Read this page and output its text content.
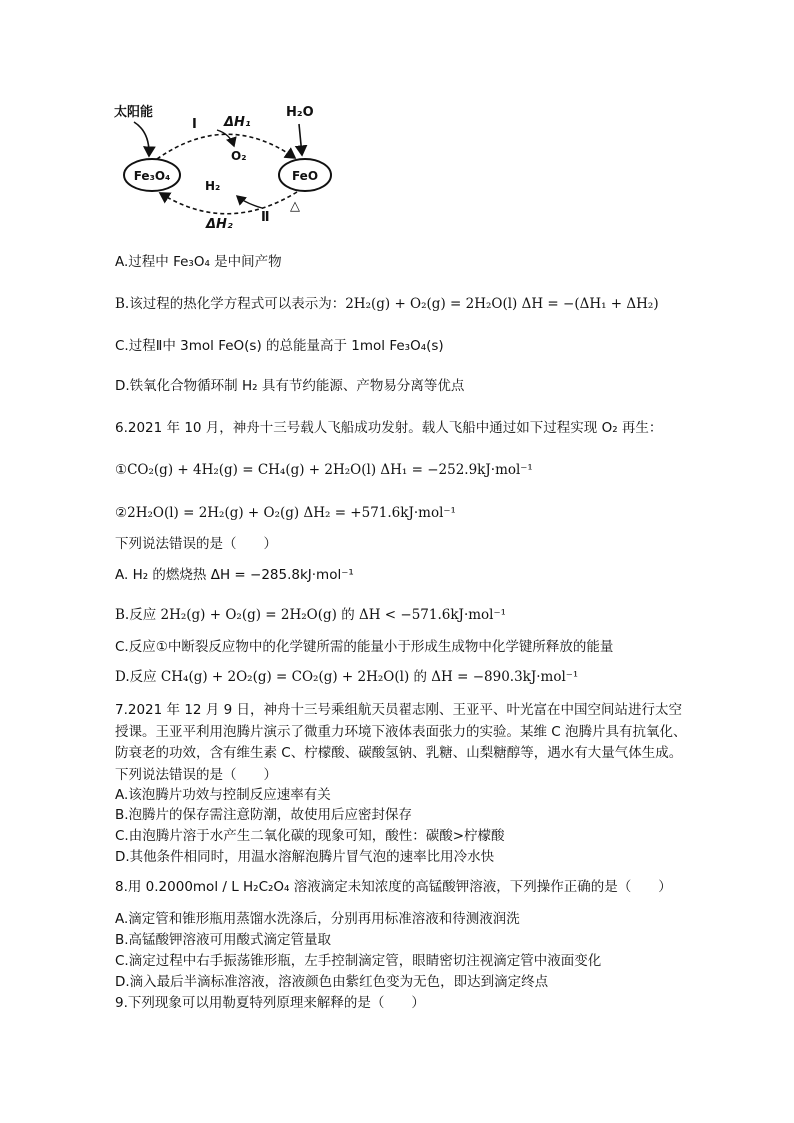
Fe₃O₄	FeO
太阳能
Ⅰ ΔH₁
O₂
H₂O
H₂
△
Ⅱ
ΔH₂
A.过程中 Fe₃O₄ 是中间产物
B.该过程的热化学方程式可以表示为：2H₂(g) + O₂(g) = 2H₂O(l) ΔH = −(ΔH₁ + ΔH₂)
C.过程Ⅱ中 3mol FeO(s) 的总能量高于 1mol Fe₃O₄(s)
D.铁氧化合物循环制 H₂ 具有节约能源、产物易分离等优点
6.2021 年 10 月，神舟十三号载人飞船成功发射。载人飞船中通过如下过程实现 O₂ 再生：
①CO₂(g) + 4H₂(g) = CH₄(g) + 2H₂O(l) ΔH₁ = −252.9kJ·mol⁻¹
②2H₂O(l) = 2H₂(g) + O₂(g) ΔH₂ = +571.6kJ·mol⁻¹
下列说法错误的是（　　）
A. H₂ 的燃烧热 ΔH = −285.8kJ·mol⁻¹
B.反应 2H₂(g) + O₂(g) = 2H₂O(g) 的 ΔH < −571.6kJ·mol⁻¹
C.反应①中断裂反应物中的化学键所需的能量小于形成生成物中化学键所释放的能量
D.反应 CH₄(g) + 2O₂(g) = CO₂(g) + 2H₂O(l) 的 ΔH = −890.3kJ·mol⁻¹
7.2021 年 12 月 9 日，神舟十三号乘组航天员翟志刚、王亚平、叶光富在中国空间站进行太空授课。王亚平利用泡腾片演示了微重力环境下液体表面张力的实验。某维 C 泡腾片具有抗氧化、防衰老的功效，含有维生素 C、柠檬酸、碳酸氢钠、乳糖、山梨糖醇等，遇水有大量气体生成。下列说法错误的是（　　）
A.该泡腾片功效与控制反应速率有关
B.泡腾片的保存需注意防潮，故使用后应密封保存
C.由泡腾片溶于水产生二氧化碳的现象可知，酸性：碳酸>柠檬酸
D.其他条件相同时，用温水溶解泡腾片冒气泡的速率比用冷水快
8.用 0.2000mol / L H₂C₂O₄ 溶液滴定未知浓度的高锰酸钾溶液，下列操作正确的是（　　）
A.滴定管和锥形瓶用蒸馏水洗涤后，分别再用标准溶液和待测液润洗
B.高锰酸钾溶液可用酸式滴定管量取
C.滴定过程中右手振荡锥形瓶，左手控制滴定管，眼睛密切注视滴定管中液面变化
D.滴入最后半滴标准溶液，溶液颜色由紫红色变为无色，即达到滴定终点
9.下列现象可以用勒夏特列原理来解释的是（　　）
